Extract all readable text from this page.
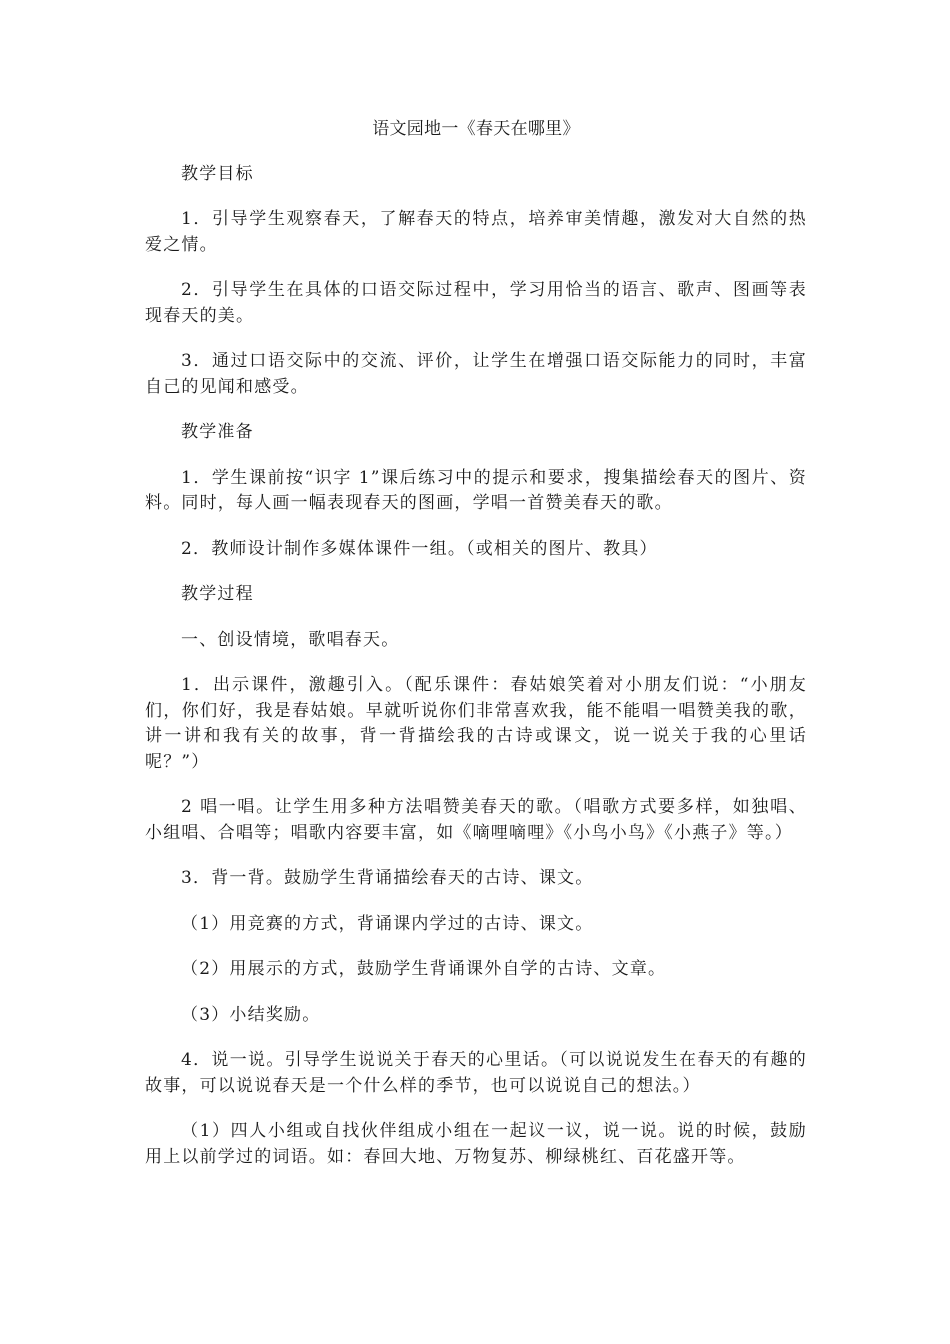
语文园地一《春天在哪里》
教学目标
1．引导学生观察春天，了解春天的特点，培养审美情趣，激发对大自然的热爱之情。
2．引导学生在具体的口语交际过程中，学习用恰当的语言、歌声、图画等表现春天的美。
3．通过口语交际中的交流、评价，让学生在增强口语交际能力的同时，丰富自己的见闻和感受。
教学准备
1．学生课前按“识字 1”课后练习中的提示和要求，搜集描绘春天的图片、资料。同时，每人画一幅表现春天的图画，学唱一首赞美春天的歌。
2．教师设计制作多媒体课件一组。（或相关的图片、教具）
教学过程
一、创设情境，歌唱春天。
1．出示课件，激趣引入。（配乐课件：春姑娘笑着对小朋友们说：“小朋友们，你们好，我是春姑娘。早就听说你们非常喜欢我，能不能唱一唱赞美我的歌，讲一讲和我有关的故事，背一背描绘我的古诗或课文，说一说关于我的心里话呢？”）
2 唱一唱。让学生用多种方法唱赞美春天的歌。（唱歌方式要多样，如独唱、小组唱、合唱等；唱歌内容要丰富，如《嘀哩嘀哩》《小鸟小鸟》《小燕子》等。）
3．背一背。鼓励学生背诵描绘春天的古诗、课文。
（1）用竞赛的方式，背诵课内学过的古诗、课文。
（2）用展示的方式，鼓励学生背诵课外自学的古诗、文章。
（3）小结奖励。
4．说一说。引导学生说说关于春天的心里话。（可以说说发生在春天的有趣的故事，可以说说春天是一个什么样的季节，也可以说说自己的想法。）
（1）四人小组或自找伙伴组成小组在一起议一议，说一说。说的时候，鼓励用上以前学过的词语。如：春回大地、万物复苏、柳绿桃红、百花盛开等。
